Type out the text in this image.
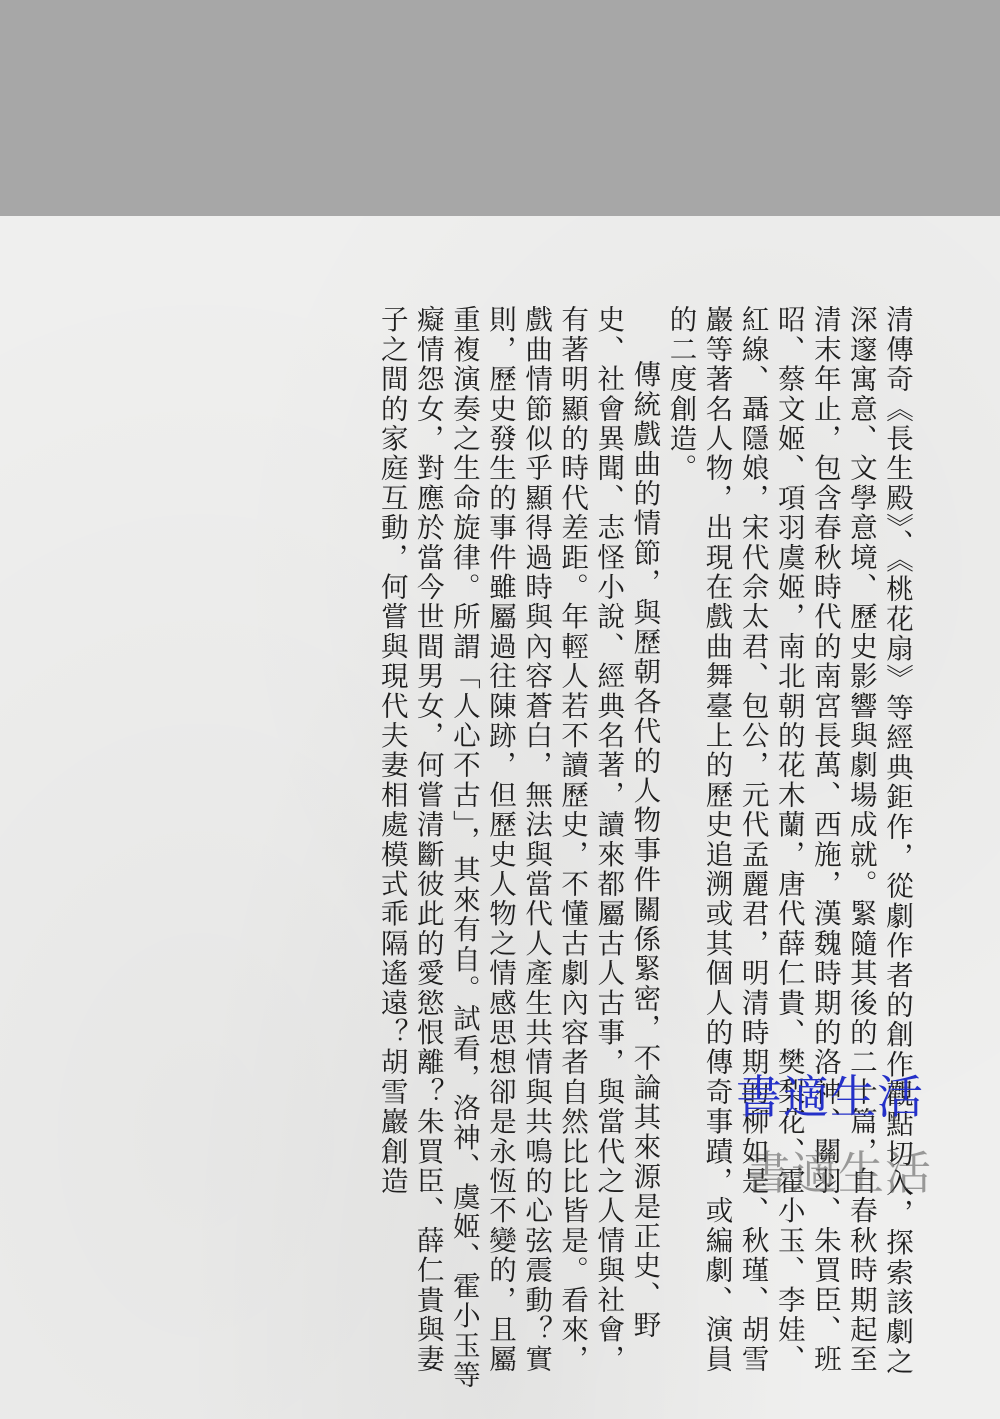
清傳奇《長生殿》、《桃花扇》等經典鉅作，從劇作者的創作觀點切入，探索該劇之深邃寓意、文學意境、歷史影響與劇場成就。緊隨其後的二十篇，自春秋時期起至清末年止，包含春秋時代的南宮長萬、西施，漢魏時期的洛神、關羽、朱買臣、班昭、蔡文姬、項羽虞姬，南北朝的花木蘭，唐代薛仁貴、樊梨花、霍小玉、李娃、紅線、聶隱娘，宋代佘太君、包公，元代孟麗君，明清時期的柳如是、秋瑾、胡雪巖等著名人物，出現在戲曲舞臺上的歷史追溯或其個人的傳奇事蹟，或編劇、演員的二度創造。

傳統戲曲的情節，與歷朝各代的人物事件關係緊密，不論其來源是正史、野史、社會異聞、志怪小說、經典名著，讀來都屬古人古事，與當代之人情與社會，有著明顯的時代差距。年輕人若不讀歷史，不懂古劇內容者自然比比皆是。看來，戲曲情節似乎顯得過時與內容蒼白，無法與當代人產生共情與共鳴的心弦震動？實則，歷史發生的事件雖屬過往陳跡，但歷史人物之情感思想卻是永恆不變的，且屬重複演奏之生命旋律。所謂「人心不古」，其來有自。試看，洛神、虞姬、霍小玉等癡情怨女，對應於當今世間男女，何嘗清斷彼此的愛慾恨離？朱買臣、薛仁貴與妻子之間的家庭互動，何嘗與現代夫妻相處模式乖隔遙遠？胡雪巖創造	書適生活
書適生活
